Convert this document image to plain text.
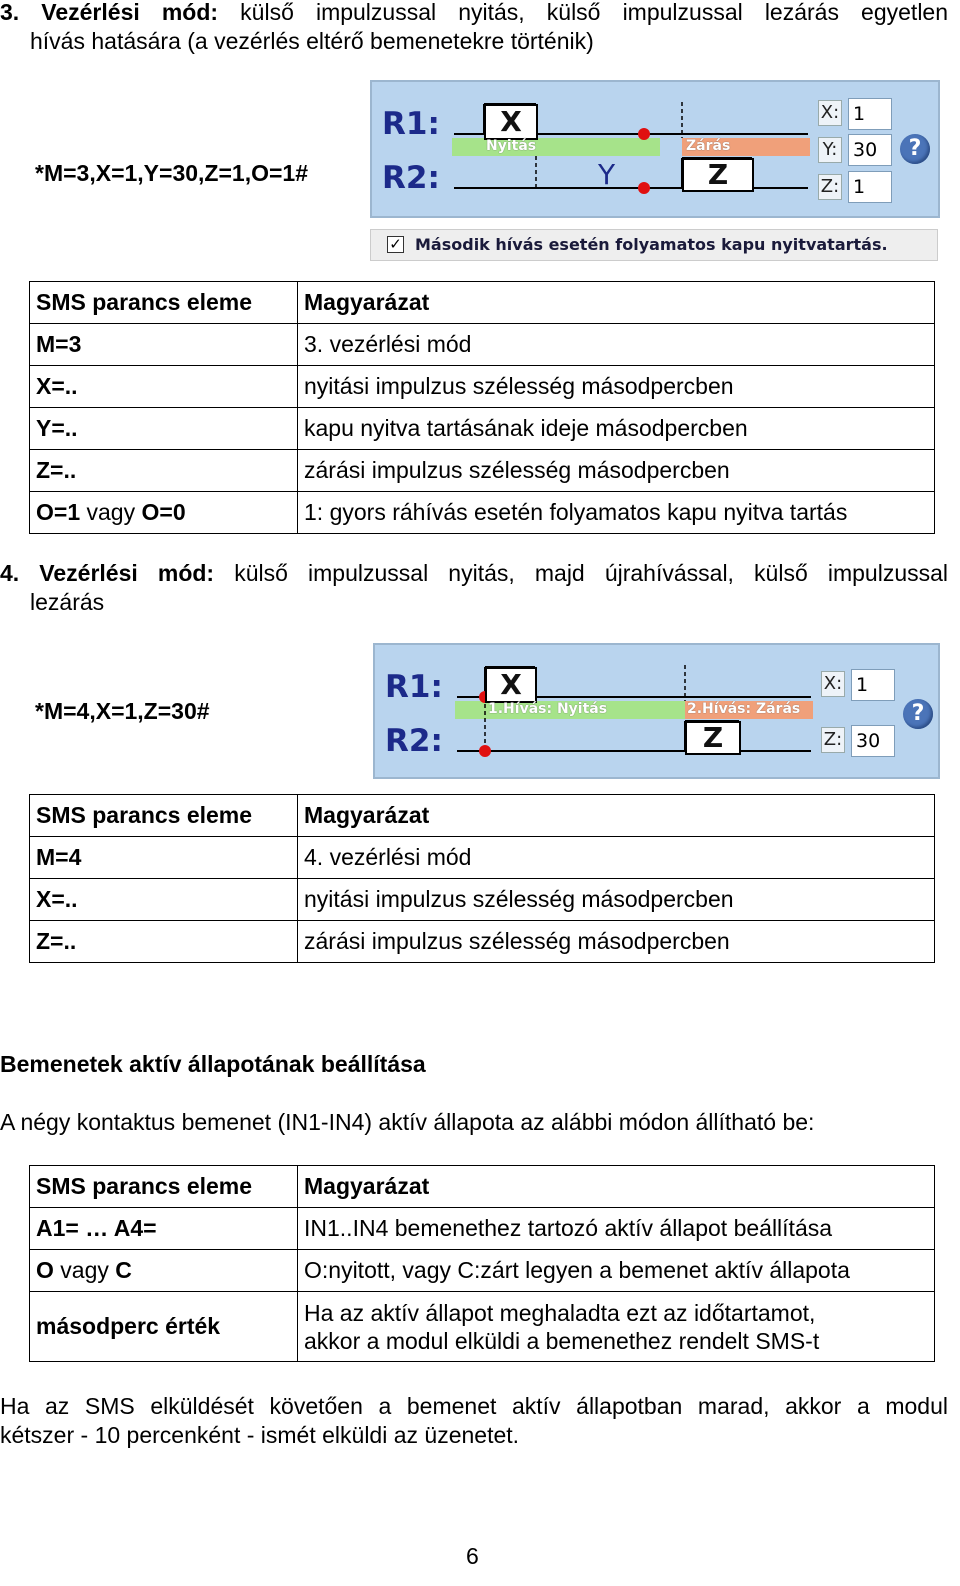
3. Vezérlési mód: külső impulzussal nyitás, külső impulzussal lezárás egyetlen
hívás hatására (a vezérlés eltérő bemenetekre történik)
*M=3,X=1,Y=30,Z=1,O=1#
R1:
R2:
X
Z
Nyitás	Zárás
Y
X: 1
Y: 30
Z: 1
?
✓ Második hívás esetén folyamatos kapu nyitvatartás.
SMS parancs eleme	Magyarázat
M=3	3. vezérlési mód
X=..	nyitási impulzus szélesség másodpercben
Y=..	kapu nyitva tartásának ideje másodpercben
Z=..	zárási impulzus szélesség másodpercben
O=1 vagy O=0	1: gyors ráhívás esetén folyamatos kapu nyitva tartás
4. Vezérlési mód: külső impulzussal nyitás, majd újrahívással, külső impulzussal
lezárás
*M=4,X=1,Z=30#
R1:
R2:
X
Z
1.Hívás: Nyitás	2.Hívás: Zárás
X: 1
Z: 30
?
SMS parancs eleme	Magyarázat
M=4	4. vezérlési mód
X=..	nyitási impulzus szélesség másodpercben
Z=..	zárási impulzus szélesség másodpercben
Bemenetek aktív állapotának beállítása
A négy kontaktus bemenet (IN1-IN4) aktív állapota az alábbi módon állítható be:
SMS parancs eleme	Magyarázat
A1= … A4=	IN1..IN4 bemenethez tartozó aktív állapot beállítása
O vagy C	O:nyitott, vagy C:zárt legyen a bemenet aktív állapota
másodperc érték	Ha az aktív állapot meghaladta ezt az időtartamot,
akkor a modul elküldi a bemenethez rendelt SMS-t
Ha az SMS elküldését követően a bemenet aktív állapotban marad, akkor a modul
kétszer - 10 percenként - ismét elküldi az üzenetet.
6
